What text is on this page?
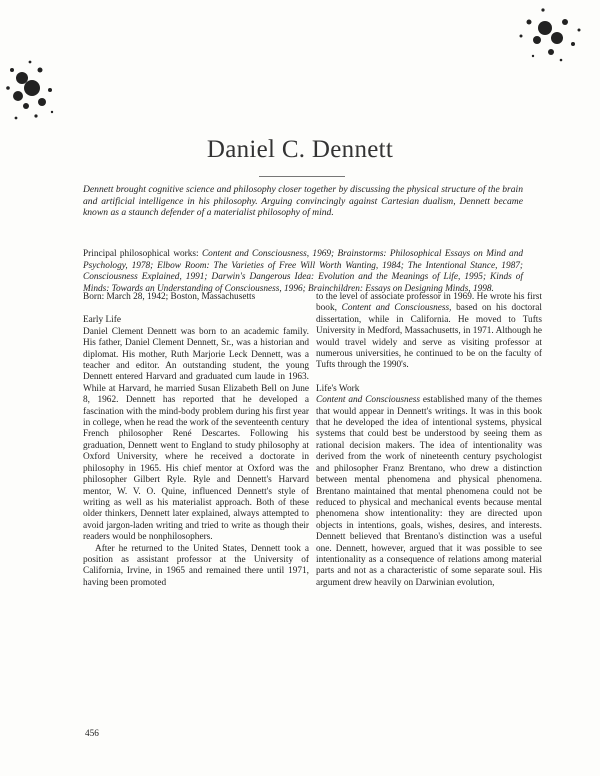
Daniel C. Dennett
Dennett brought cognitive science and philosophy closer together by discussing the physical structure of the brain and artificial intelligence in his philosophy. Arguing convincingly against Cartesian dualism, Dennett became known as a staunch defender of a materialist philosophy of mind.
Principal philosophical works: Content and Consciousness, 1969; Brainstorms: Philosophical Essays on Mind and Psychology, 1978; Elbow Room: The Varieties of Free Will Worth Wanting, 1984; The Intentional Stance, 1987; Consciousness Explained, 1991; Darwin's Dangerous Idea: Evolution and the Meanings of Life, 1995; Kinds of Minds: Towards an Understanding of Consciousness, 1996; Brainchildren: Essays on Designing Minds, 1998.

Born: March 28, 1942; Boston, Massachusetts

Early Life

Daniel Clement Dennett was born to an academic family. His father, Daniel Clement Dennett, Sr., was a historian and diplomat. His mother, Ruth Marjorie Leck Dennett, was a teacher and editor. An outstanding student, the young Dennett entered Harvard and graduated cum laude in 1963. While at Harvard, he married Susan Elizabeth Bell on June 8, 1962. Dennett has reported that he developed a fascination with the mind-body problem during his first year in college, when he read the work of the seventeenth century French philosopher René Descartes. Following his graduation, Dennett went to England to study philosophy at Oxford University, where he received a doctorate in philosophy in 1965. His chief mentor at Oxford was the philosopher Gilbert Ryle. Ryle and Dennett's Harvard mentor, W. V. O. Quine, influenced Dennett's style of writing as well as his materialist approach. Both of these older thinkers, Dennett later explained, always attempted to avoid jargon-laden writing and tried to write as though their readers would be nonphilosophers.

After he returned to the United States, Dennett took a position as assistant professor at the University of California, Irvine, in 1965 and remained there until 1971, having been promoted

to the level of associate professor in 1969. He wrote his first book, Content and Consciousness, based on his doctoral dissertation, while in California. He moved to Tufts University in Medford, Massachusetts, in 1971. Although he would travel widely and serve as visiting professor at numerous universities, he continued to be on the faculty of Tufts through the 1990's.

Life's Work

Content and Consciousness established many of the themes that would appear in Dennett's writings. It was in this book that he developed the idea of intentional systems, physical systems that could best be understood by seeing them as rational decision makers. The idea of intentionality was derived from the work of nineteenth century psychologist and philosopher Franz Brentano, who drew a distinction between mental phenomena and physical phenomena. Brentano maintained that mental phenomena could not be reduced to physical and mechanical events because mental phenomena show intentionality: they are directed upon objects in intentions, goals, wishes, desires, and interests. Dennett believed that Brentano's distinction was a useful one. Dennett, however, argued that it was possible to see intentionality as a consequence of relations among material parts and not as a characteristic of some separate soul. His argument drew heavily on Darwinian evolution,

456
